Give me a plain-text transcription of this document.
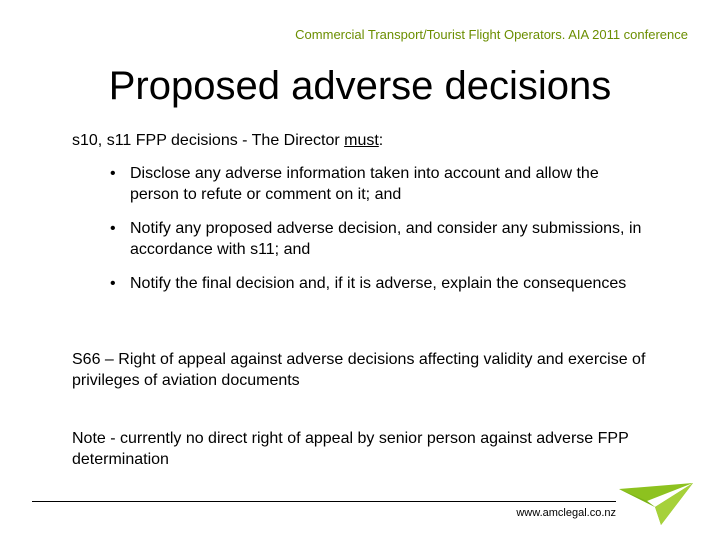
Commercial Transport/Tourist Flight Operators. AIA 2011 conference
Proposed adverse decisions
s10, s11 FPP decisions - The Director must:
• Disclose any adverse information taken into account and allow the person to refute or comment on it; and
• Notify any proposed adverse decision, and consider any submissions, in accordance with s11; and
• Notify the final decision and, if it is adverse, explain the consequences
S66 – Right of appeal against adverse decisions affecting validity and exercise of privileges of aviation documents
Note - currently no direct right of appeal by senior person against adverse FPP determination
www.amclegal.co.nz
